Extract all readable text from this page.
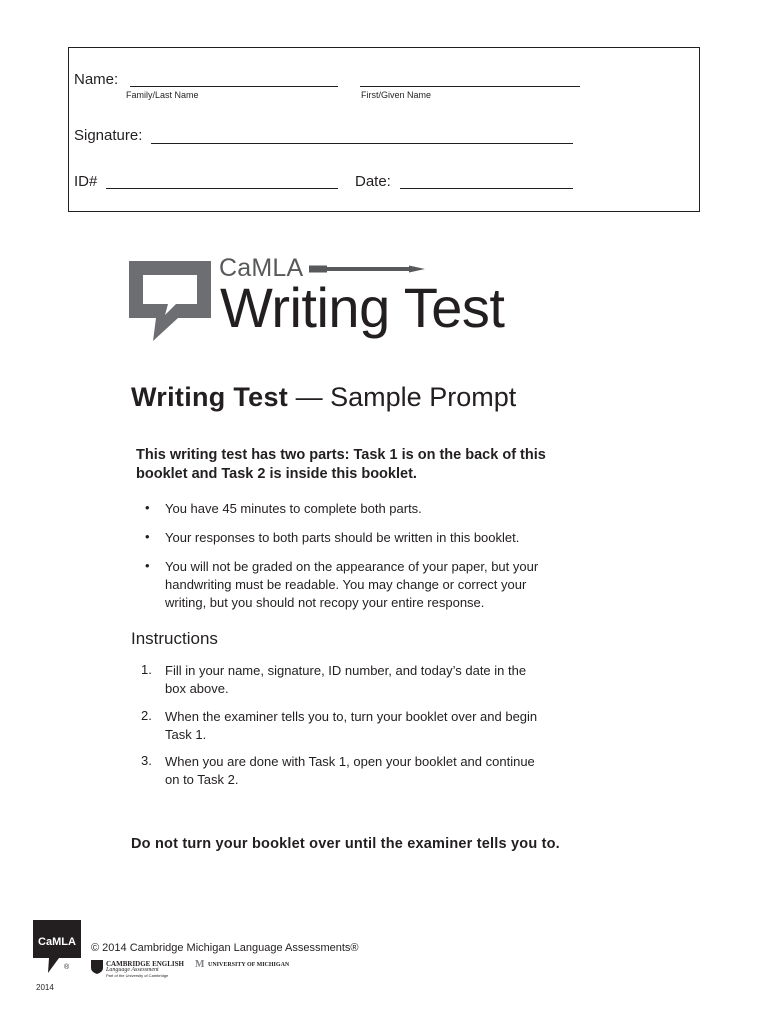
Name:
Family/Last Name	First/Given Name
Signature:
ID#	Date:
CaMLA
Writing Test
Writing Test — Sample Prompt
This writing test has two parts: Task 1 is on the back of this booklet and Task 2 is inside this booklet.
• You have 45 minutes to complete both parts.
• Your responses to both parts should be written in this booklet.
• You will not be graded on the appearance of your paper, but your handwriting must be readable. You may change or correct your writing, but you should not recopy your entire response.
Instructions
1. Fill in your name, signature, ID number, and today’s date in the box above.
2. When the examiner tells you to, turn your booklet over and begin Task 1.
3. When you are done with Task 1, open your booklet and continue on to Task 2.
Do not turn your booklet over until the examiner tells you to.
CaMLA
®
© 2014 Cambridge Michigan Language Assessments®
CAMBRIDGE ENGLISH
Language Assessment
Part of the University of Cambridge
M UNIVERSITY OF MICHIGAN
2014
